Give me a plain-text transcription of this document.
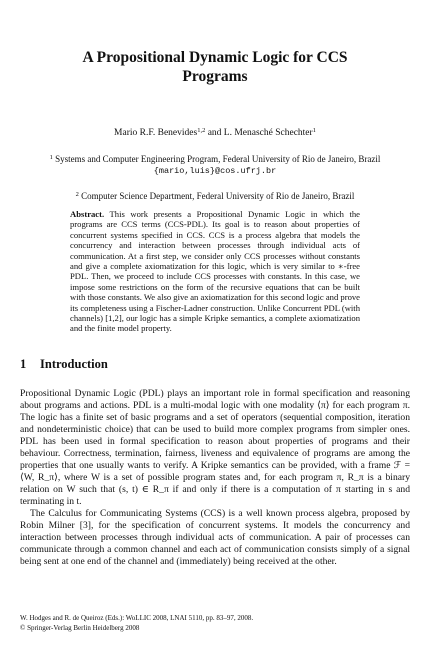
A Propositional Dynamic Logic for CCS
Programs
Mario R.F. Benevides$^{1,2}$ and L. Menasché Schechter$^1$
$^1$ Systems and Computer Engineering Program, Federal University of Rio de Janeiro, Brazil
{mario,luis}@cos.ufrj.br
$^2$ Computer Science Department, Federal University of Rio de Janeiro, Brazil
Abstract. This work presents a Propositional Dynamic Logic in which the programs are CCS terms (CCS-PDL). Its goal is to reason about properties of concurrent systems specified in CCS. CCS is a process algebra that models the concurrency and interaction between processes through individual acts of communication. At a first step, we consider only CCS processes without constants and give a complete axiomatization for this logic, which is very similar to ∗-free PDL. Then, we proceed to include CCS processes with constants. In this case, we impose some restrictions on the form of the recursive equations that can be built with those constants. We also give an axiomatization for this second logic and prove its completeness using a Fischer-Ladner construction. Unlike Concurrent PDL (with channels) [1,2], our logic has a simple Kripke semantics, a complete axiomatization and the finite model property.
1 Introduction

Propositional Dynamic Logic (PDL) plays an important role in formal specification and reasoning about programs and actions. PDL is a multi-modal logic with one modality ⟨π⟩ for each program π. The logic has a finite set of basic programs and a set of operators (sequential composition, iteration and nondeterministic choice) that can be used to build more complex programs from simpler ones. PDL has been used in formal specification to reason about properties of programs and their behaviour. Correctness, termination, fairness, liveness and equivalence of programs are among the properties that one usually wants to verify. A Kripke semantics can be provided, with a frame ℱ = ⟨W, R_π⟩, where W is a set of possible program states and, for each program π, R_π is a binary relation on W such that (s, t) ∈ R_π if and only if there is a computation of π starting in s and terminating in t.

The Calculus for Communicating Systems (CCS) is a well known process algebra, proposed by Robin Milner [3], for the specification of concurrent systems. It models the concurrency and interaction between processes through individual acts of communication. A pair of processes can communicate through a common channel and each act of communication consists simply of a signal being sent at one end of the channel and (immediately) being received at the other.

W. Hodges and R. de Queiroz (Eds.): WoLLIC 2008, LNAI 5110, pp. 83–97, 2008.
© Springer-Verlag Berlin Heidelberg 2008
